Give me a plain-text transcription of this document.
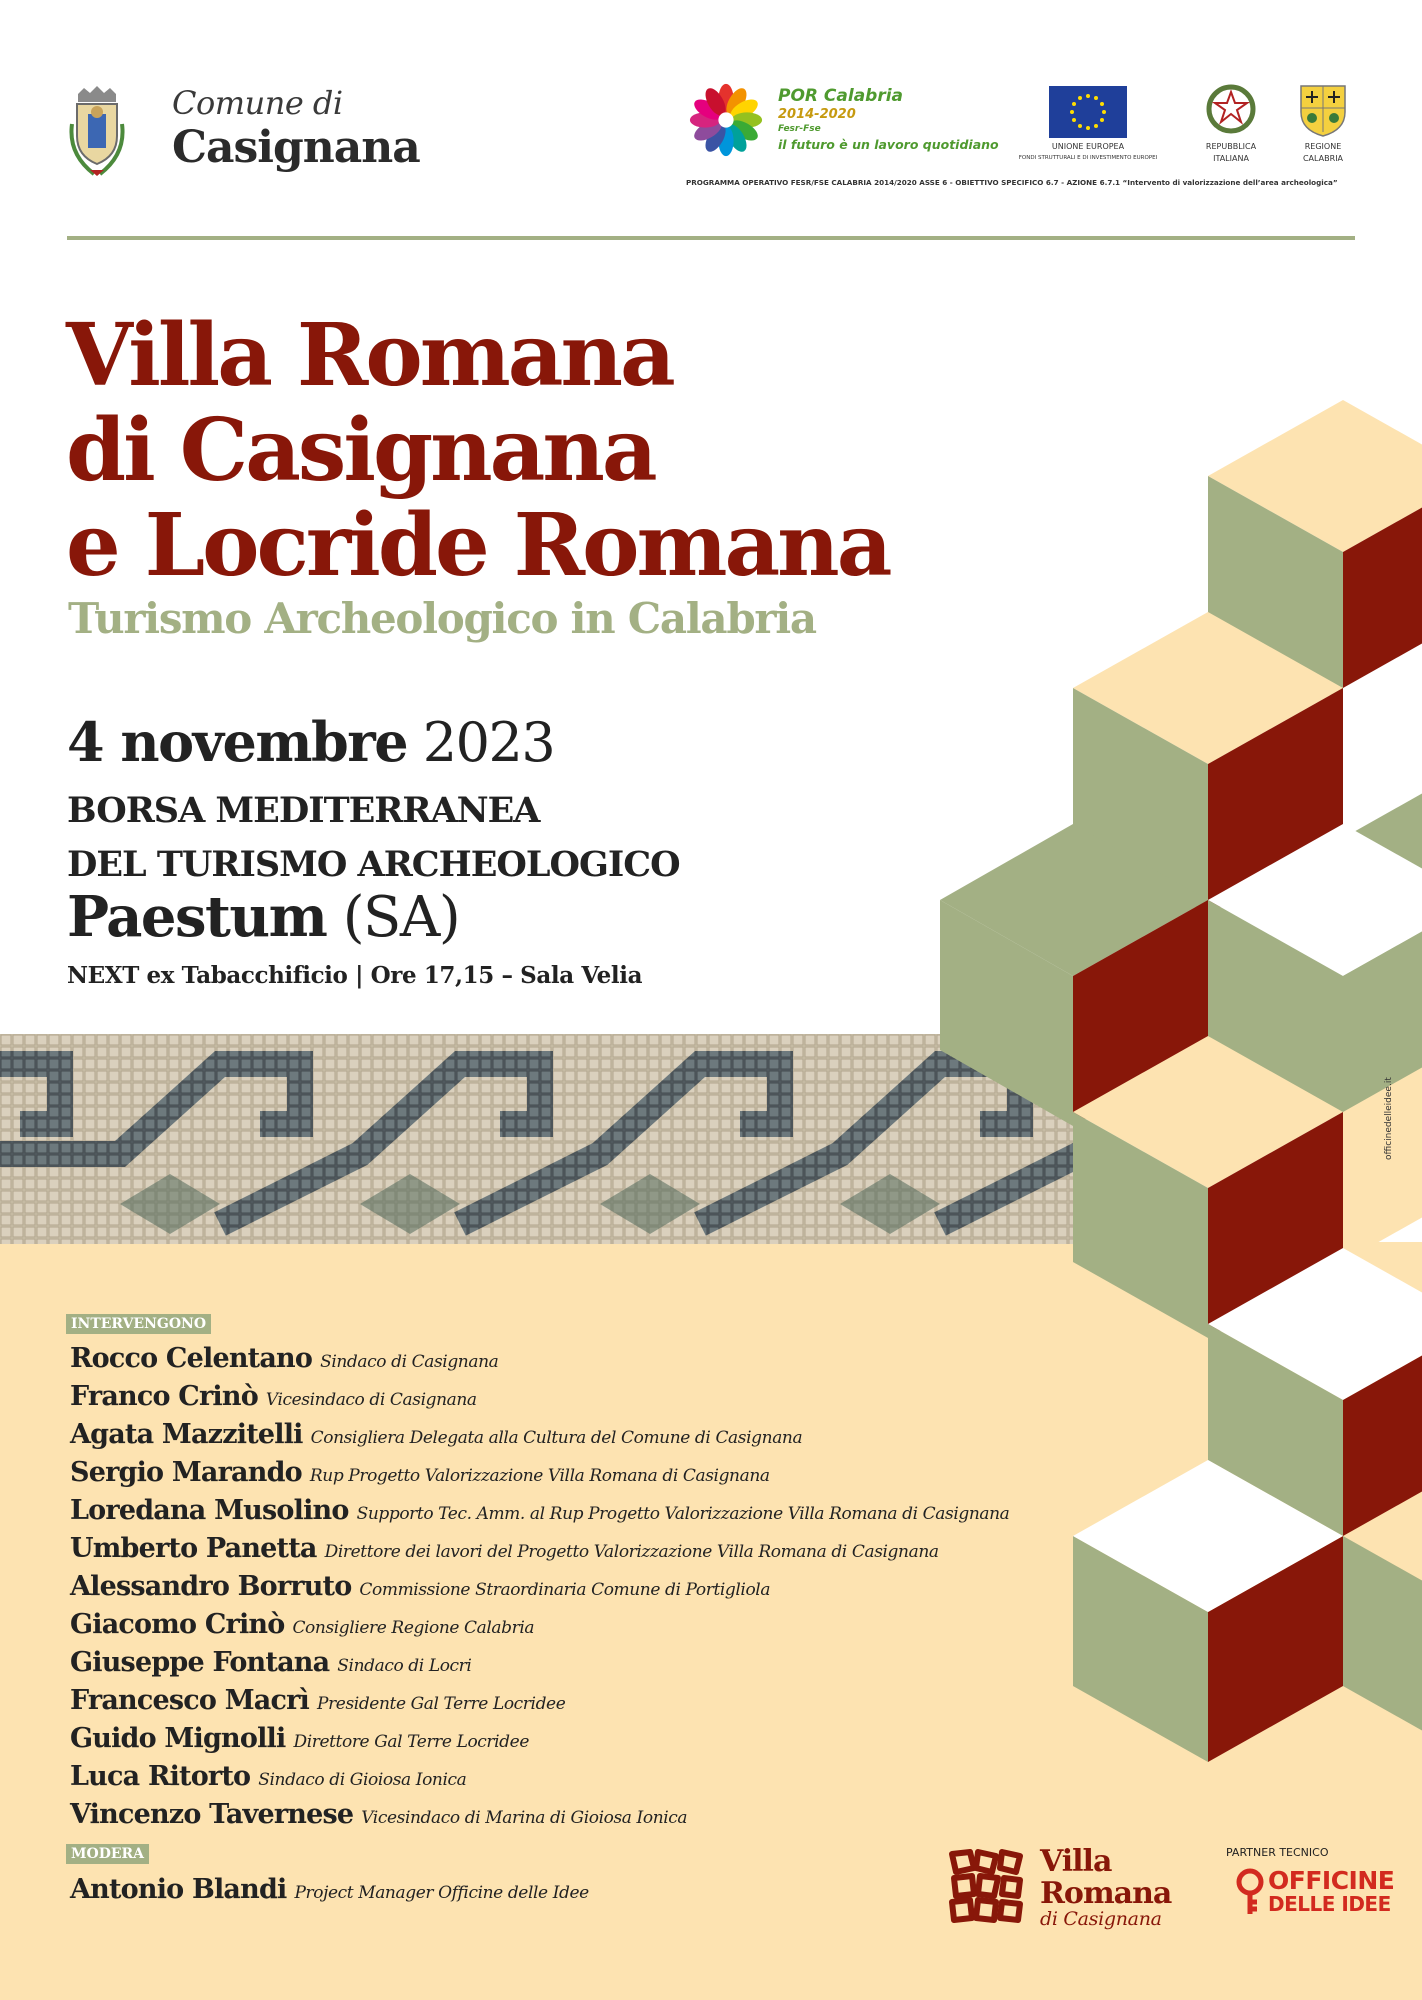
Comune di
Casignana
POR Calabria
2014-2020
Fesr-Fse
il futuro è un lavoro quotidiano	UNIONE EUROPEA
FONDI STRUTTURALI E DI INVESTIMENTO EUROPEI
REPUBBLICA
ITALIANA
REGIONE
CALABRIA
PROGRAMMA OPERATIVO FESR/FSE CALABRIA 2014/2020 ASSE 6 - OBIETTIVO SPECIFICO 6.7 - AZIONE 6.7.1 “Intervento di valorizzazione dell’area archeologica”
Villa Romana
di Casignana
e Locride Romana
Turismo Archeologico in Calabria
4 novembre 2023
BORSA MEDITERRANEA
DEL TURISMO ARCHEOLOGICO
Paestum (SA)
NEXT ex Tabacchificio | Ore 17,15 – Sala Velia
officinedelleidee.it
INTERVENGONO
Rocco Celentano Sindaco di Casignana
Franco Crinò Vicesindaco di Casignana
Agata Mazzitelli Consigliera Delegata alla Cultura del Comune di Casignana
Sergio Marando Rup Progetto Valorizzazione Villa Romana di Casignana
Loredana Musolino Supporto Tec. Amm. al Rup Progetto Valorizzazione Villa Romana di Casignana
Umberto Panetta Direttore dei lavori del Progetto Valorizzazione Villa Romana di Casignana
Alessandro Borruto Commissione Straordinaria Comune di Portigliola
Giacomo Crinò Consigliere Regione Calabria
Giuseppe Fontana Sindaco di Locri
Francesco Macrì Presidente Gal Terre Locridee
Guido Mignolli Direttore Gal Terre Locridee
Luca Ritorto Sindaco di Gioiosa Ionica
Vincenzo Tavernese Vicesindaco di Marina di Gioiosa Ionica
MODERA
Antonio Blandi Project Manager Officine delle Idee
Villa
Romana
di Casignana
PARTNER TECNICO
OFFICINE
DELLE IDEE
